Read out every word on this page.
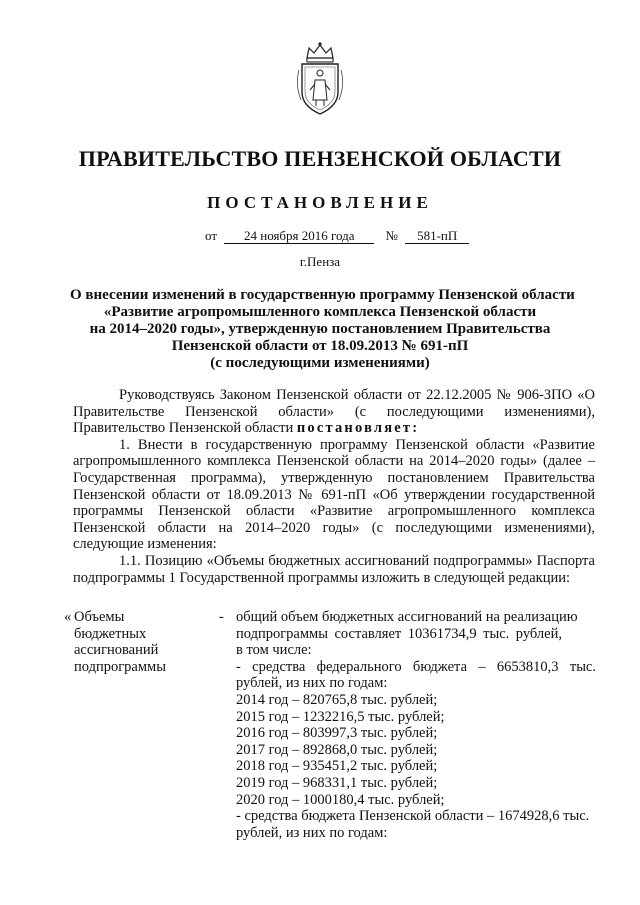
ПРАВИТЕЛЬСТВО ПЕНЗЕНСКОЙ ОБЛАСТИ
ПОСТАНОВЛЕНИЕ
от 24 ноября 2016 года № 581-пП
г.Пенза
О внесении изменений в государственную программу Пензенской области
«Развитие агропромышленного комплекса Пензенской области
на 2014–2020 годы», утвержденную постановлением Правительства
Пензенской области от 18.09.2013 № 691-пП
(с последующими изменениями)

Руководствуясь Законом Пензенской области от 22.12.2005 № 906-ЗПО «О Правительстве Пензенской области» (с последующими изменениями), Правительство Пензенской области постановляет:

1. Внести в государственную программу Пензенской области «Развитие агропромышленного комплекса Пензенской области на 2014–2020 годы» (далее – Государственная программа), утвержденную постановлением Правительства Пензенской области от 18.09.2013 № 691-пП «Об утверждении государственной программы Пензенской области «Развитие агропромышленного комплекса Пензенской области на 2014–2020 годы» (с последующими изменениями), следующие изменения:

1.1. Позицию «Объемы бюджетных ассигнований подпрограммы» Паспорта подпрограммы 1 Государственной программы изложить в следующей редакции:

« Объемы
бюджетных
ассигнований
подпрограммы
- общий объем бюджетных ассигнований на реализацию
подпрограммы составляет 10361734,9 тыс. рублей,
в том числе:
- средства федерального бюджета – 6653810,3 тыс.
рублей, из них по годам:
2014 год – 820765,8 тыс. рублей;
2015 год – 1232216,5 тыс. рублей;
2016 год – 803997,3 тыс. рублей;
2017 год – 892868,0 тыс. рублей;
2018 год – 935451,2 тыс. рублей;
2019 год – 968331,1 тыс. рублей;
2020 год – 1000180,4 тыс. рублей;
- средства бюджета Пензенской области – 1674928,6 тыс.
рублей, из них по годам:
